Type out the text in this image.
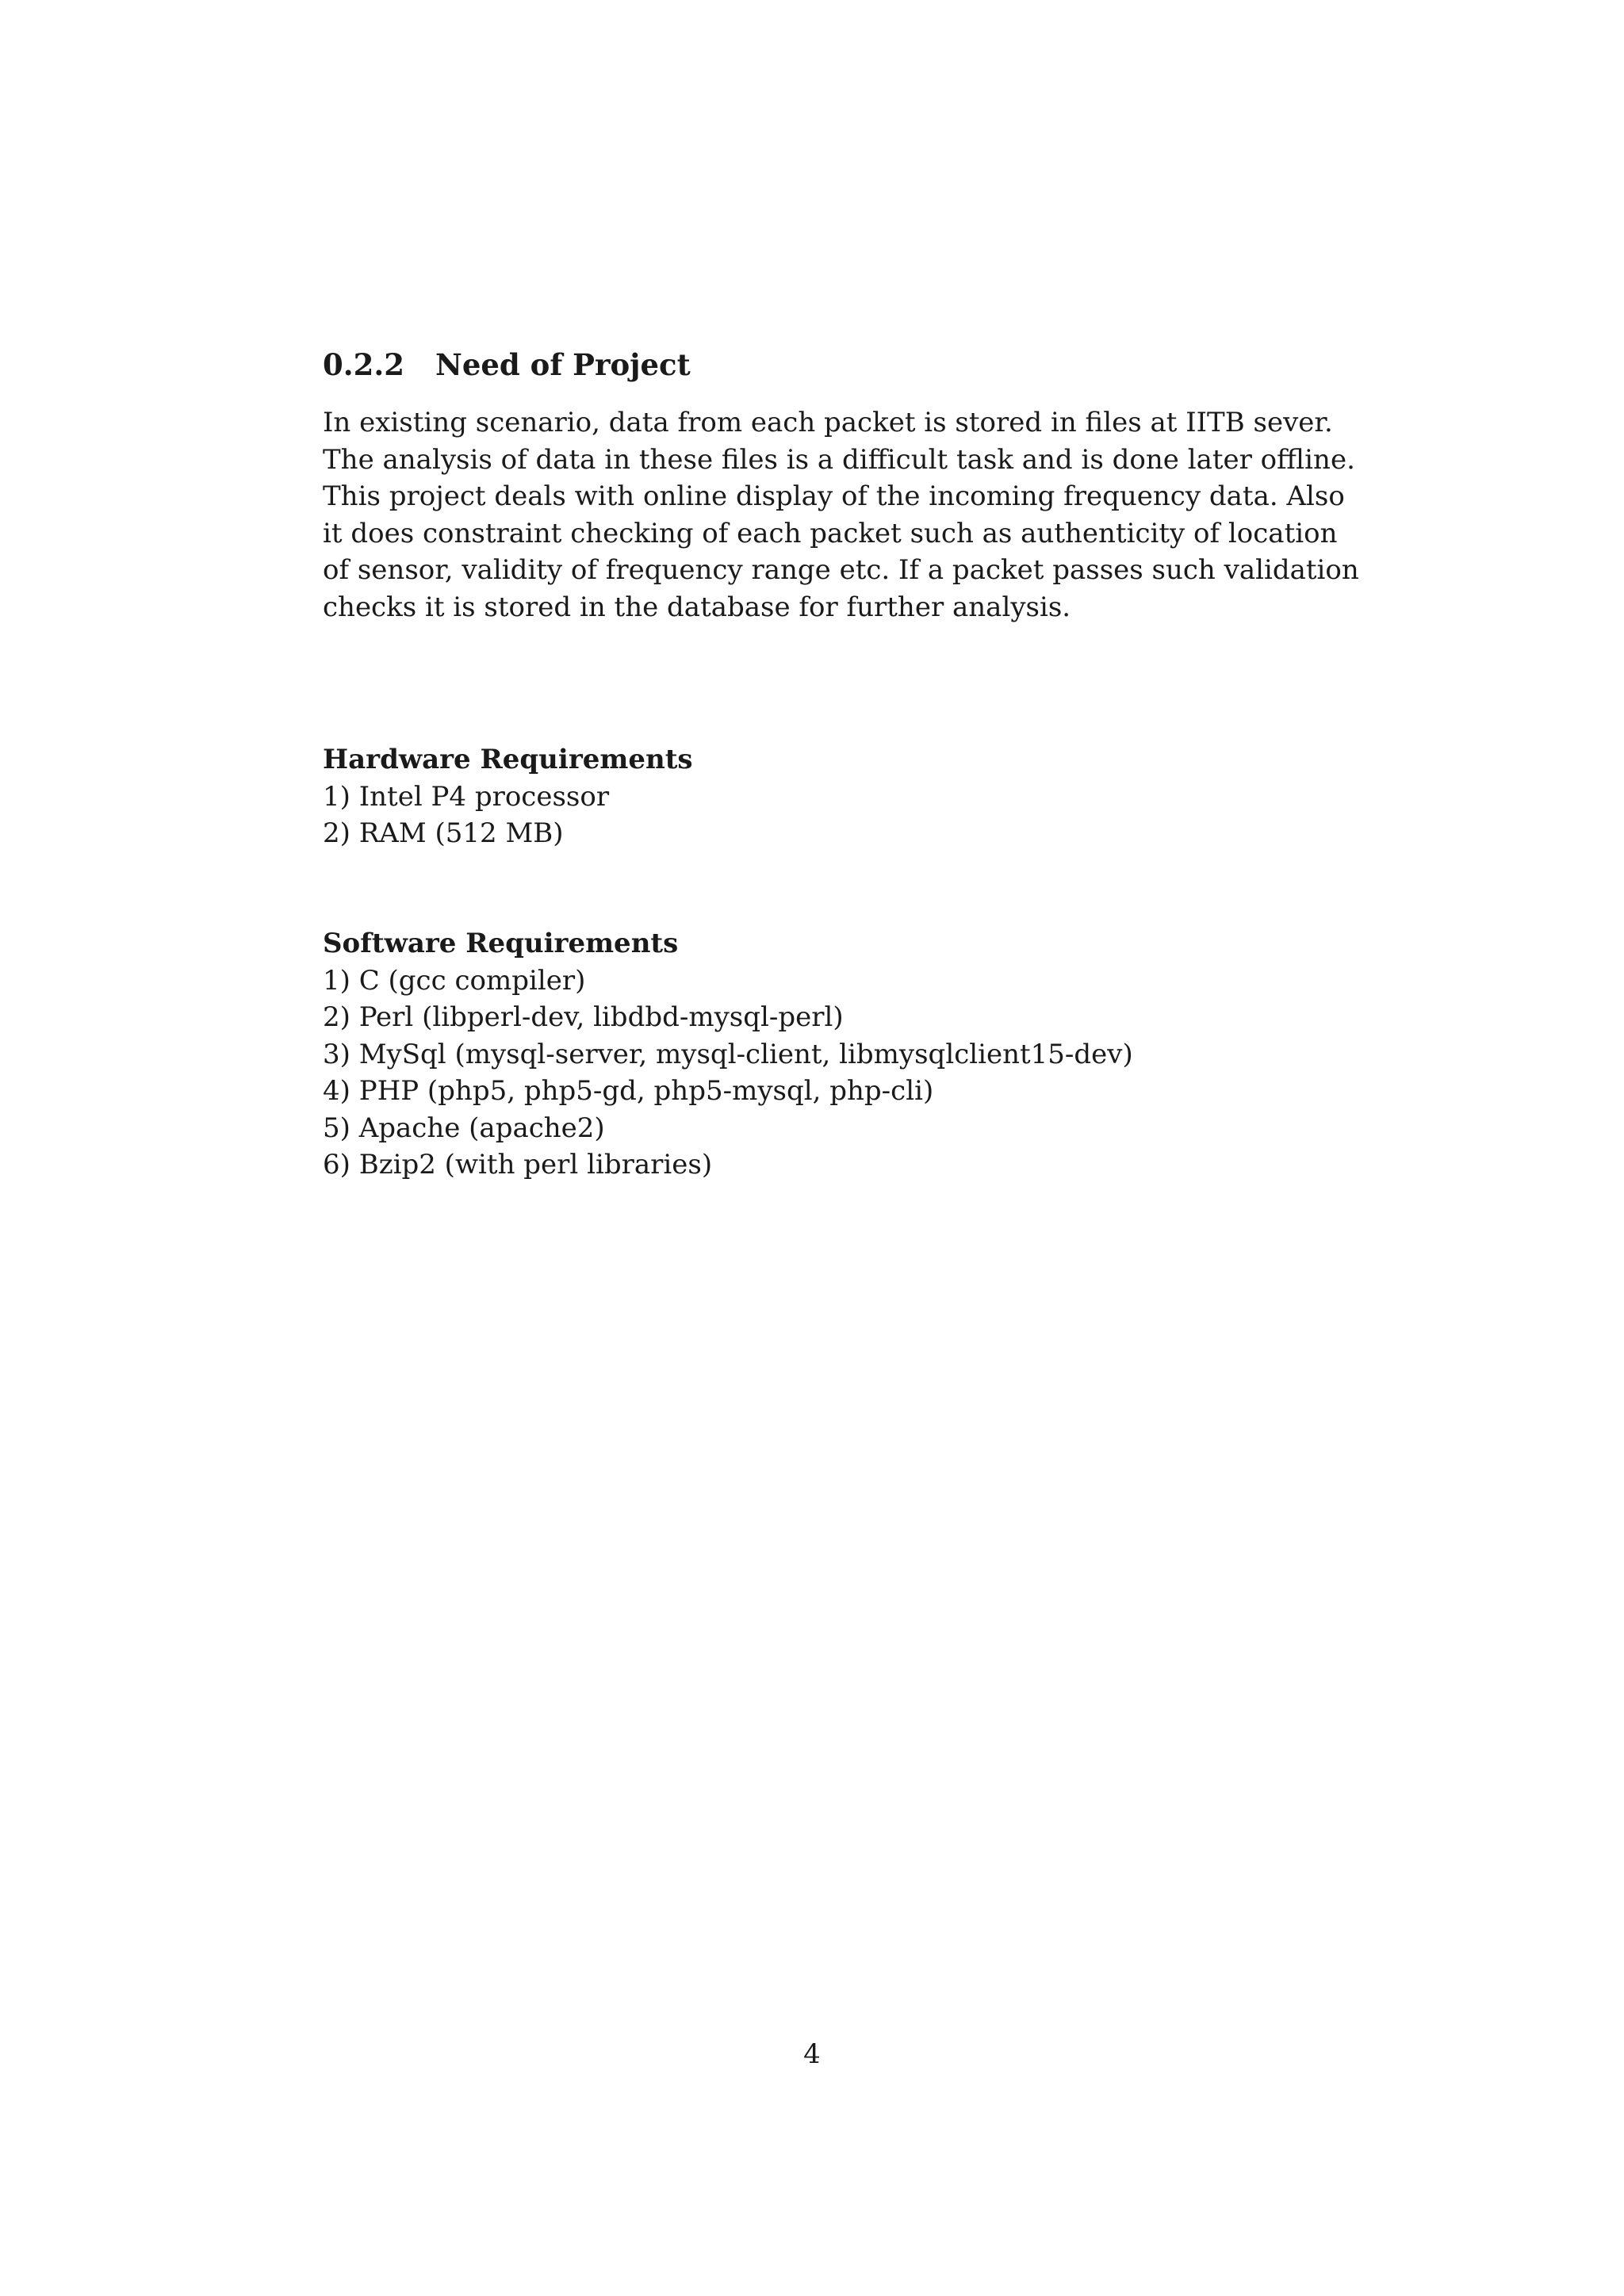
0.2.2 Need of Project

In existing scenario, data from each packet is stored in files at IITB sever.
The analysis of data in these files is a difficult task and is done later offline.
This project deals with online display of the incoming frequency data. Also
it does constraint checking of each packet such as authenticity of location
of sensor, validity of frequency range etc. If a packet passes such validation
checks it is stored in the database for further analysis.

Hardware Requirements
1) Intel P4 processor
2) RAM (512 MB)
Software Requirements
1) C (gcc compiler)
2) Perl (libperl-dev, libdbd-mysql-perl)
3) MySql (mysql-server, mysql-client, libmysqlclient15-dev)
4) PHP (php5, php5-gd, php5-mysql, php-cli)
5) Apache (apache2)
6) Bzip2 (with perl libraries)
4
